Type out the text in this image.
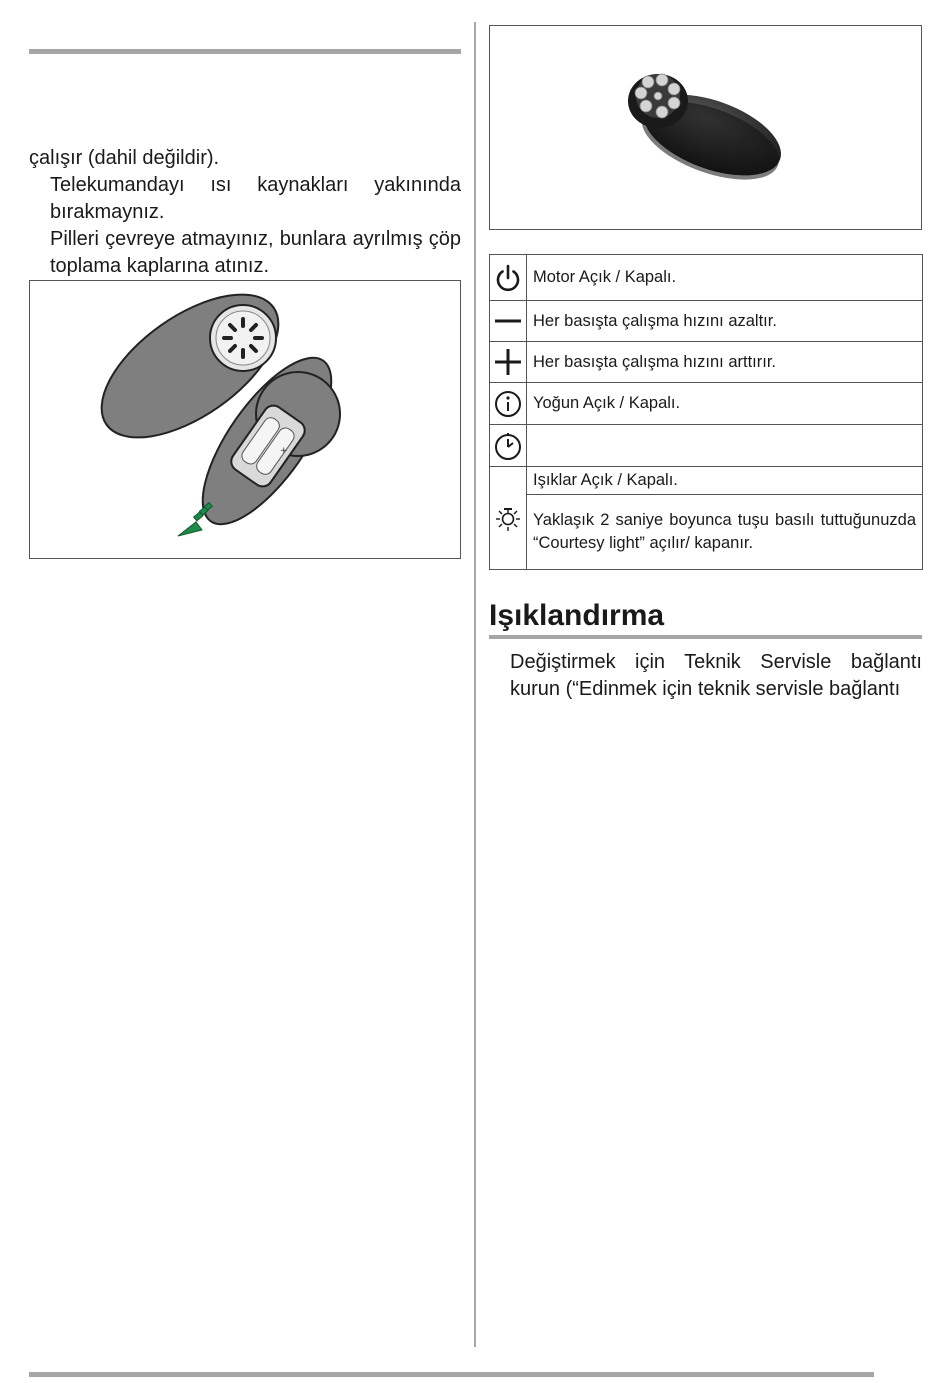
çalışır (dahil değildir).

Telekumandayı ısı kaynakları yakınında bırakmaynız.

Pilleri çevreye atmayınız, bunlara ayrılmış çöp toplama kaplarına atınız.

+
	Motor Açık / Kapalı.

	Her basışta çalışma hızını azaltır.

	Her basışta çalışma hızını arttırır.

	Yoğun Açık / Kapalı.

	Işıklar Açık / Kapalı.
	Yaklaşık 2 saniye boyunca tuşu basılı tuttuğunuzda “Courtesy light” açılır/ kapanır.
Işıklandırma

Değiştirmek için Teknik Servisle bağlantı kurun (“Edinmek için teknik servisle bağlantı
